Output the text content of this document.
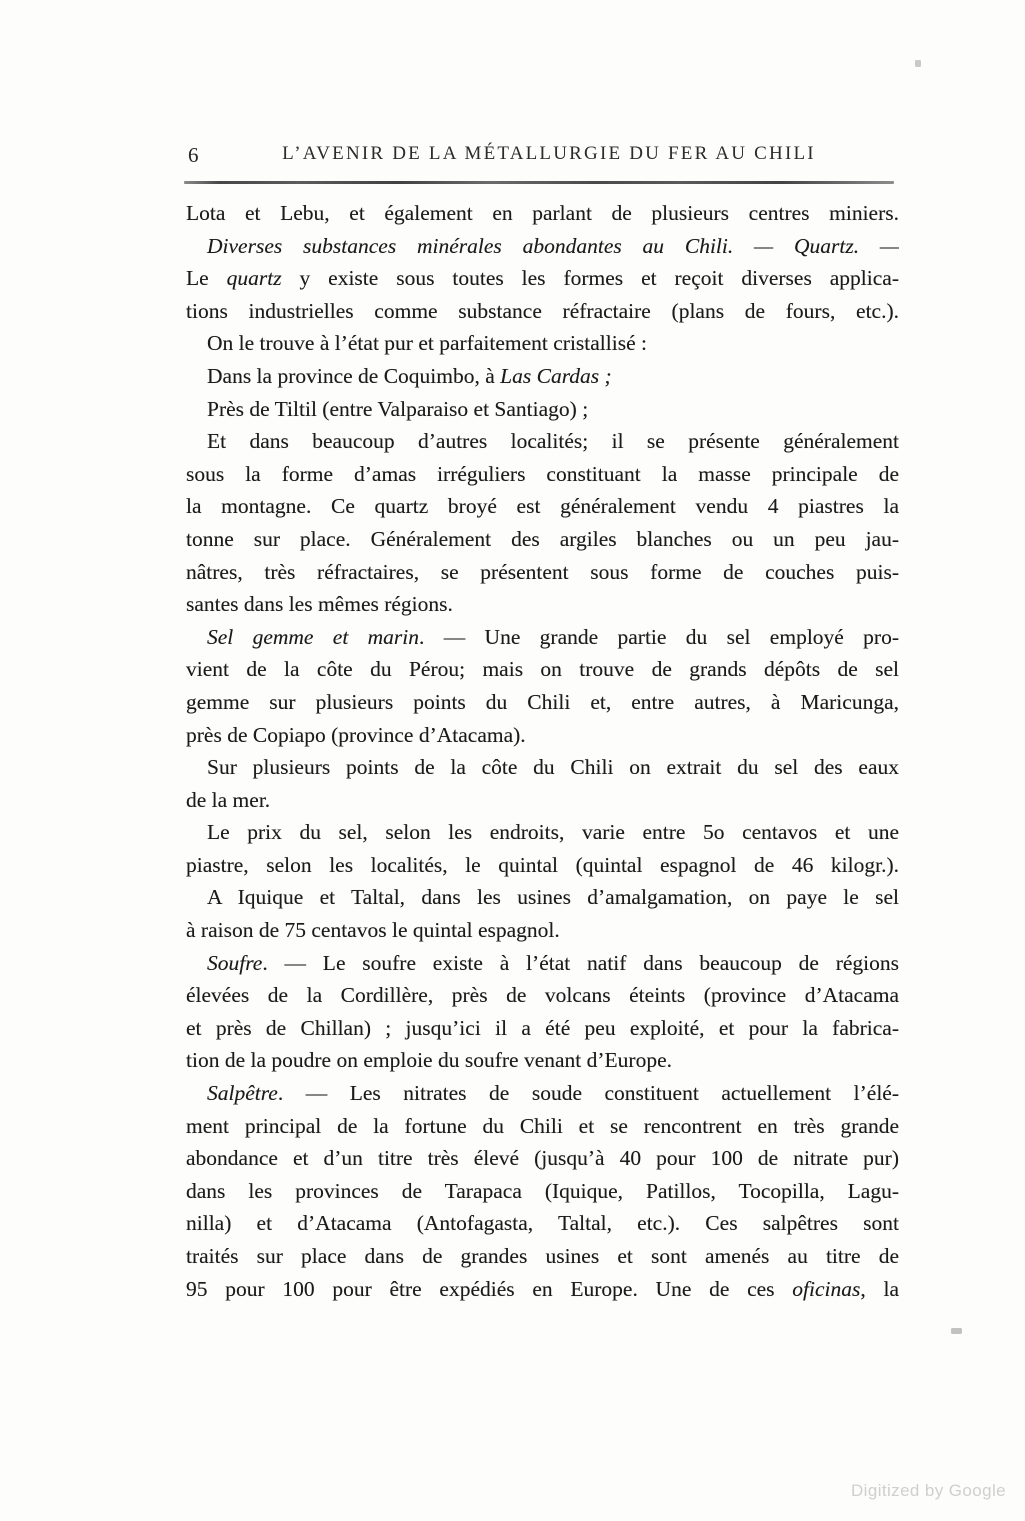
6	L’AVENIR DE LA MÉTALLURGIE DU FER AU CHILI
Lota et Lebu, et également en parlant de plusieurs centres miniers.
Diverses substances minérales abondantes au Chili. — Quartz. —
Le quartz y existe sous toutes les formes et reçoit diverses applica-
tions industrielles comme substance réfractaire (plans de fours, etc.).
On le trouve à l’état pur et parfaitement cristallisé :
Dans la province de Coquimbo, à Las Cardas ;
Près de Tiltil (entre Valparaiso et Santiago) ;
Et dans beaucoup d’autres localités; il se présente généralement
sous la forme d’amas irréguliers constituant la masse principale de
la montagne. Ce quartz broyé est généralement vendu 4 piastres la
tonne sur place. Généralement des argiles blanches ou un peu jau-
nâtres, très réfractaires, se présentent sous forme de couches puis-
santes dans les mêmes régions.
Sel gemme et marin. — Une grande partie du sel employé pro-
vient de la côte du Pérou; mais on trouve de grands dépôts de sel
gemme sur plusieurs points du Chili et, entre autres, à Maricunga,
près de Copiapo (province d’Atacama).
Sur plusieurs points de la côte du Chili on extrait du sel des eaux
de la mer.
Le prix du sel, selon les endroits, varie entre 5o centavos et une
piastre, selon les localités, le quintal (quintal espagnol de 46 kilogr.).
A Iquique et Taltal, dans les usines d’amalgamation, on paye le sel
à raison de 75 centavos le quintal espagnol.
Soufre. — Le soufre existe à l’état natif dans beaucoup de régions
élevées de la Cordillère, près de volcans éteints (province d’Atacama
et près de Chillan) ; jusqu’ici il a été peu exploité, et pour la fabrica-
tion de la poudre on emploie du soufre venant d’Europe.
Salpêtre. — Les nitrates de soude constituent actuellement l’élé-
ment principal de la fortune du Chili et se rencontrent en très grande
abondance et d’un titre très élevé (jusqu’à 40 pour 100 de nitrate pur)
dans les provinces de Tarapaca (Iquique, Patillos, Tocopilla, Lagu-
nilla) et d’Atacama (Antofagasta, Taltal, etc.). Ces salpêtres sont
traités sur place dans de grandes usines et sont amenés au titre de
95 pour 100 pour être expédiés en Europe. Une de ces oficinas, la
Digitized by Google
